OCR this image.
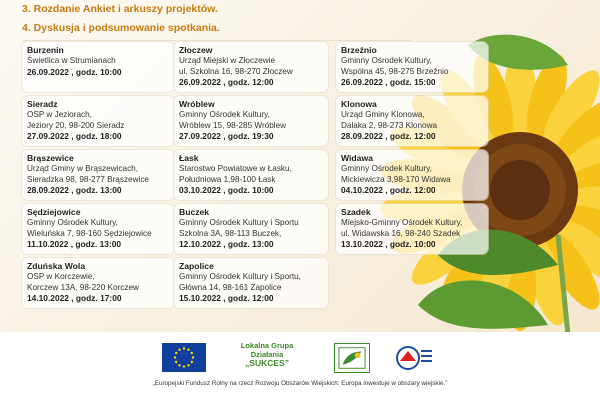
3. Rozdanie Ankiet i arkuszy projektów.
4. Dyskusja i podsumowanie spotkania.
Burzenin
Świetlica w Strumianach
26.09.2022 , godz. 10:00
Złoczew
Urząd Miejski w Złoczewie
ul. Szkolna 16, 98-270 Złoczew
26.09.2022 , godz. 12:00
Brzeźnio
Gminny Ośrodek Kultury,
Wspólna 45, 98-275 Brzeźnio
26.09.2022 , godz. 15:00
Sieradz
OSP w Jeziorach,
Jeziory 20, 98-200 Sieradz
27.09.2022 , godz. 18:00
Wróblew
Gminny Ośrodek Kultury,
Wróblew 15, 98-285 Wróblew
27.09.2022 , godz. 19:30
Klonowa
Urząd Gminy Klonowa,
Dalaka 2, 98-273 Klonowa
28.09.2022 , godz. 12:00
Brąszewice
Urząd Gminy w Brąszewicach,
Sieradzka 98, 98-277 Brąszewice
28.09.2022 , godz. 13:00
Łask
Starostwo Powiatowe w Łasku,
Południowa 1,98-100 Łask
03.10.2022 , godz. 10:00
Widawa
Gminny Ośrodek Kultury,
Mickiewicza 3,98-170 Widawa
04.10.2022 , godz. 12:00
Sędziejowice
Gminny Ośrodek Kultury,
Wieluńska 7, 98-160 Sędziejowice
11.10.2022 , godz. 13:00
Buczek
Gminny Ośrodek Kultury i Sportu
Szkolna 3A, 98-113 Buczek,
12.10.2022 , godz. 13:00
Szadek
Miejsko-Gminny Ośrodek Kultury,
ul. Widawska 16, 98-240 Szadek
13.10.2022 , godz. 10:00
Zduńska Wola
OSP w Korczewie,
Korczew 13A, 98-220 Korczew
14.10.2022 , godz. 17:00
Zapolice
Gminny Ośrodek Kultury i Sportu,
Główna 14, 98-161 Zapolice
15.10.2022 , godz. 12:00
Lokalna Grupa
Działania
„SUKCES”
„Europejski Fundusz Rolny na rzecz Rozwoju Obszarów Wiejskich: Europa inwestuje w obszary wiejskie.”
